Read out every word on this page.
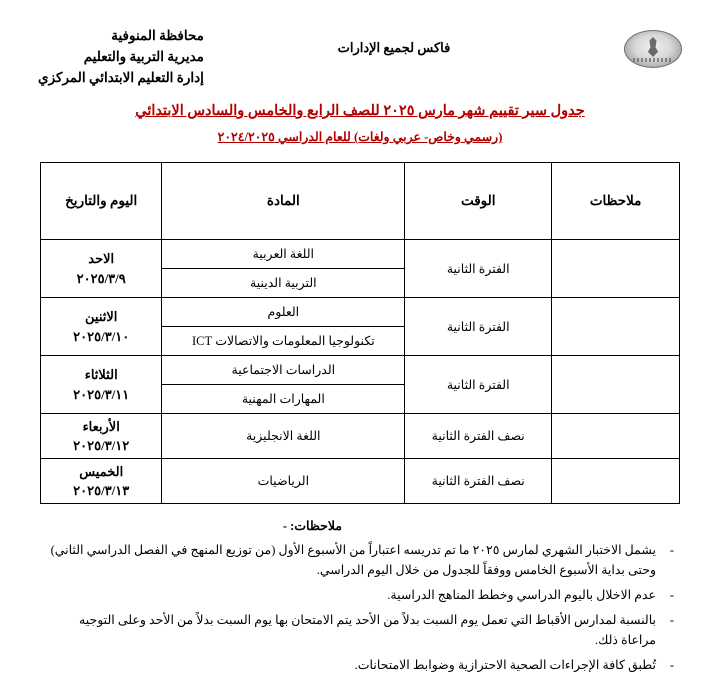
محافظة المنوفية
مديرية التربية والتعليم
إدارة التعليم الابتدائي المركزي
فاكس لجميع الإدارات
جدول سير تقييم شهر مارس ٢٠٢٥ للصف الرابع والخامس والسادس الابتدائي
(رسمي وخاص- عربي ولغات) للعام الدراسي ٢٠٢٤/٢٠٢٥
ملاحظات	الوقت	المادة	اليوم والتاريخ
	الفترة الثانية	اللغة العربية	الاحد
٢٠٢٥/٣/٩
		التربية الدينية	
	الفترة الثانية	العلوم	الاثنين
٢٠٢٥/٣/١٠
		تكنولوجيا المعلومات والاتصالات ICT	
	الفترة الثانية	الدراسات الاجتماعية	الثلاثاء
٢٠٢٥/٣/١١
		المهارات المهنية	
	نصف الفترة الثانية	اللغة الانجليزية	الأربعاء
٢٠٢٥/٣/١٢
	نصف الفترة الثانية	الرياضيات	الخميس
٢٠٢٥/٣/١٣
ملاحظات: -
- يشمل الاختبار الشهري لمارس ٢٠٢٥ ما تم تدريسه اعتباراً من الأسبوع الأول (من توزيع المنهج في الفصل الدراسي الثاني) وحتى بداية الأسبوع الخامس ووفقاً للجدول من خلال اليوم الدراسي.
- عدم الاخلال باليوم الدراسي وخطط المناهج الدراسية.
- بالنسبة لمدارس الأقباط التي تعمل يوم السبت بدلاً من الأحد يتم الامتحان بها يوم السبت بدلاً من الأحد وعلى التوجيه مراعاة ذلك.
- تُطبق كافة الإجراءات الصحية الاحترازية وضوابط الامتحانات.
